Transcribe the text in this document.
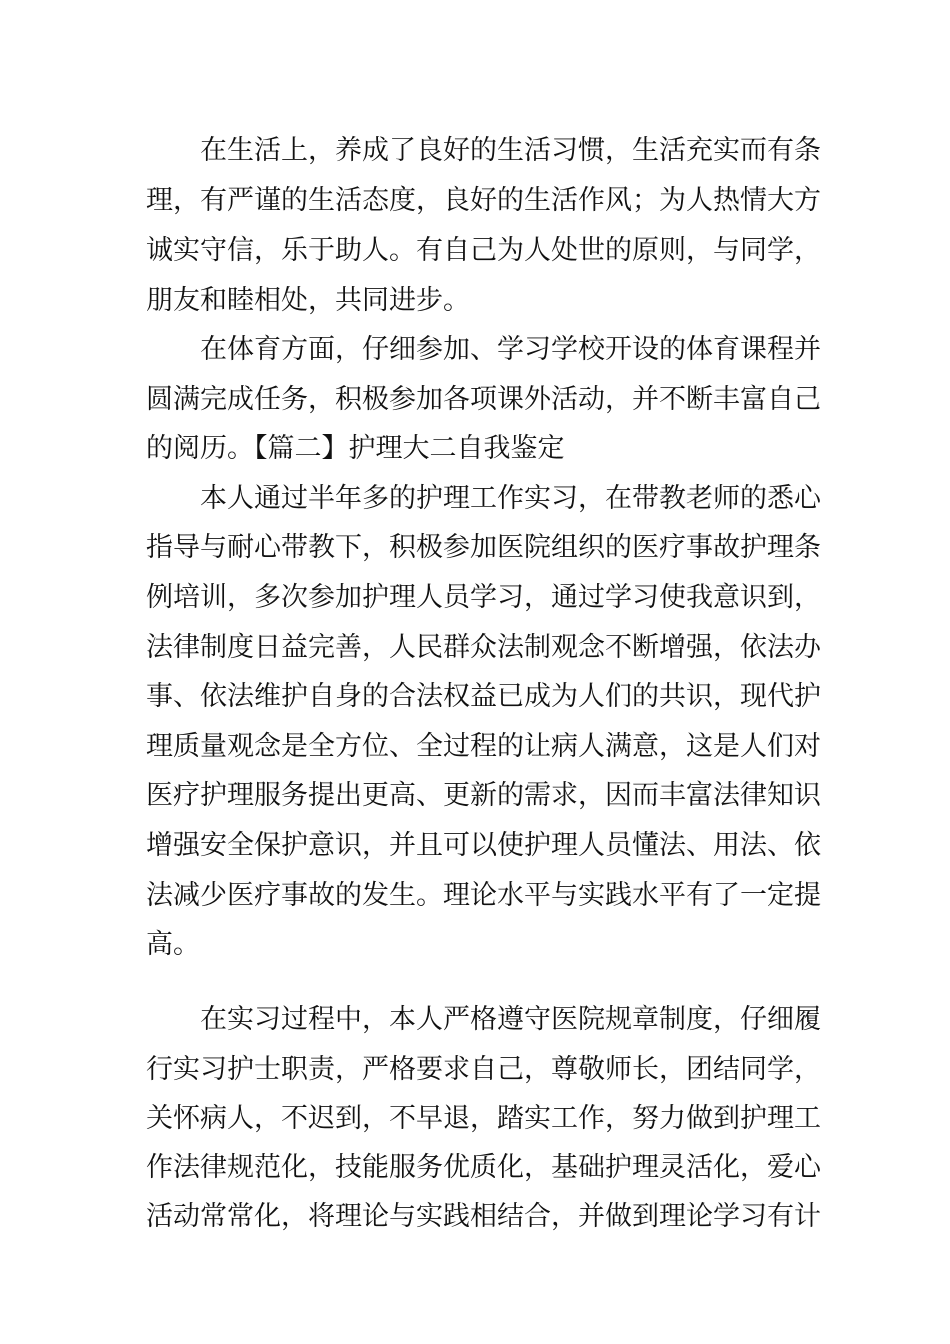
在生活上，养成了良好的生活习惯，生活充实而有条
理，有严谨的生活态度，良好的生活作风；为人热情大方
诚实守信，乐于助人。有自己为人处世的原则，与同学，
朋友和睦相处，共同进步。
在体育方面，仔细参加、学习学校开设的体育课程并
圆满完成任务，积极参加各项课外活动，并不断丰富自己
的阅历。【篇二】护理大二自我鉴定
本人通过半年多的护理工作实习，在带教老师的悉心
指导与耐心带教下，积极参加医院组织的医疗事故护理条
例培训，多次参加护理人员学习，通过学习使我意识到，
法律制度日益完善，人民群众法制观念不断增强，依法办
事、依法维护自身的合法权益已成为人们的共识，现代护
理质量观念是全方位、全过程的让病人满意，这是人们对
医疗护理服务提出更高、更新的需求，因而丰富法律知识
增强安全保护意识，并且可以使护理人员懂法、用法、依
法减少医疗事故的发生。理论水平与实践水平有了一定提
高。
在实习过程中，本人严格遵守医院规章制度，仔细履
行实习护士职责，严格要求自己，尊敬师长，团结同学，
关怀病人，不迟到，不早退，踏实工作，努力做到护理工
作法律规范化，技能服务优质化，基础护理灵活化，爱心
活动常常化，将理论与实践相结合，并做到理论学习有计
